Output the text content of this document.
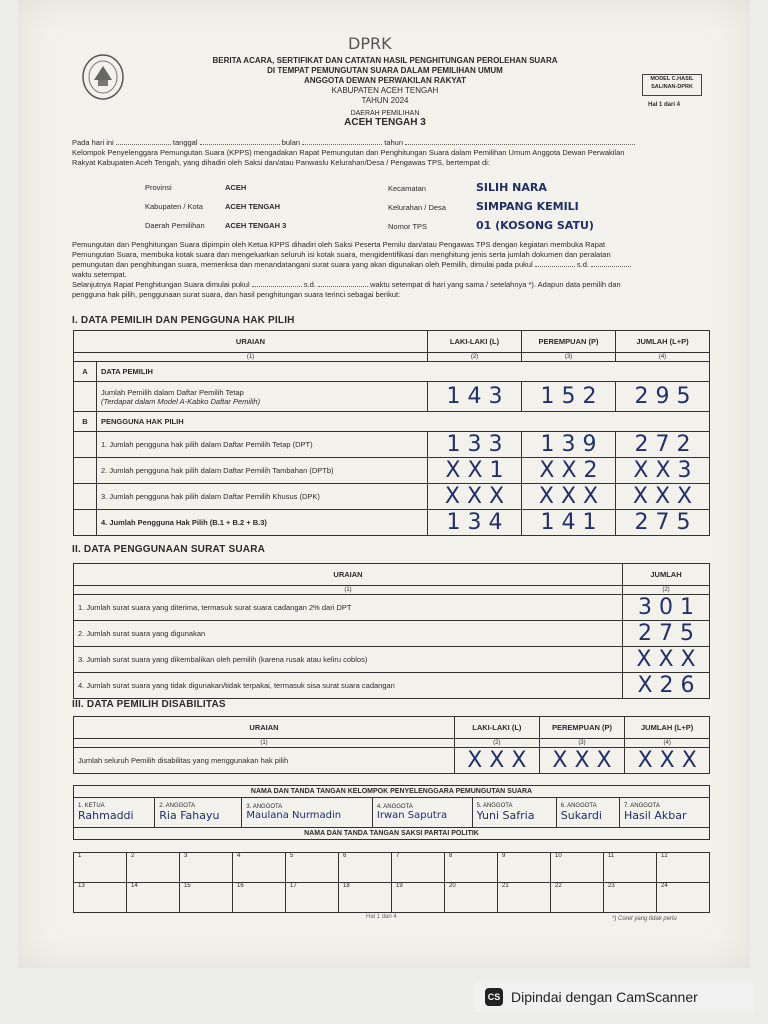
DPRK
BERITA ACARA, SERTIFIKAT DAN CATATAN HASIL PENGHITUNGAN PEROLEHAN SUARA
DI TEMPAT PEMUNGUTAN SUARA DALAM PEMILIHAN UMUM
ANGGOTA DEWAN PERWAKILAN RAKYAT
KABUPATEN ACEH TENGAH
TAHUN 2024
MODEL C.HASIL
SALINAN-DPRK
Hal 1 dari 4
DAERAH PEMILIHAN
ACEH TENGAH 3
Pada hari ini	tanggal	bulan	tahun
Kelompok Penyelenggara Pemungutan Suara (KPPS) mengadakan Rapat Pemungutan dan Penghitungan Suara dalam Pemilihan Umum Anggota Dewan Perwakilan
Rakyat Kabupaten Aceh Tengah, yang dihadiri oleh Saksi dan/atau Panwaslu Kelurahan/Desa / Pengawas TPS, bertempat di:
Provinsi	ACEH
Kabupaten / Kota	ACEH TENGAH
Daerah Pemilihan	ACEH TENGAH 3
Kecamatan	SILIH NARA
Kelurahan / Desa	SIMPANG KEMILI
Nomor TPS	01 (KOSONG SATU)
Pemungutan dan Penghitungan Suara dipimpin oleh Ketua KPPS dihadiri oleh Saksi Peserta Pemilu dan/atau Pengawas TPS dengan kegiatan membuka Rapat
Pemungutan Suara, membuka kotak suara dan mengeluarkan seluruh isi kotak suara, mengidentifikasi dan menghitung jenis serta jumlah dokumen dan peralatan
pemungutan dan penghitungan suara, memeriksa dan menandatangani surat suara yang akan digunakan oleh Pemilih, dimulai pada pukul	s.d.
waktu setempat.
Selanjutnya Rapat Penghitungan Suara dimulai pukul	s.d.	waktu setempat di hari yang sama / setelahnya *). Adapun data pemilih dan
pengguna hak pilih, penggunaan surat suara, dan hasil penghitungan suara terinci sebagai berikut:
I. DATA PEMILIH DAN PENGGUNA HAK PILIH
URAIAN		LAKI-LAKI (L)	PEREMPUAN (P)	JUMLAH (L+P)
(1)		(2)	(3)	(4)
A	DATA PEMILIH			

	Jumlah Pemilih dalam Daftar Pemilih Tetap
(Terdapat dalam Model A-Kabko Daftar Pemilih)	1 4 3	1 5 2	2 9 5
B	PENGGUNA HAK PILIH			
	1. Jumlah pengguna hak pilih dalam Daftar Pemilih Tetap (DPT)	1 3 3	1 3 9	2 7 2
	2. Jumlah pengguna hak pilih dalam Daftar Pemilih Tambahan (DPTb)	X X 1	X X 2	X X 3
	3. Jumlah pengguna hak pilih dalam Daftar Pemilih Khusus (DPK)	X X X	X X X	X X X
	4. Jumlah Pengguna Hak Pilih (B.1 + B.2 + B.3)	1 3 4	1 4 1	2 7 5
II. DATA PENGGUNAAN SURAT SUARA
URAIAN	JUMLAH
(1)	(2)
1. Jumlah surat suara yang diterima, termasuk surat suara cadangan 2% dari DPT	3 0 1
2. Jumlah surat suara yang digunakan	2 7 5
3. Jumlah surat suara yang dikembalikan oleh pemilih (karena rusak atau keliru coblos)	X X X
4. Jumlah surat suara yang tidak digunakan/tidak terpakai, termasuk sisa surat suara cadangan	X 2 6
III. DATA PEMILIH DISABILITAS
URAIAN	LAKI-LAKI (L)	PEREMPUAN (P)	JUMLAH (L+P)
(1)	(2)	(3)	(4)
Jumlah seluruh Pemilih disabilitas yang menggunakan hak pilih	X X X	X X X	X X X
NAMA DAN TANDA TANGAN KELOMPOK PENYELENGGARA PEMUNGUTAN SUARA

1. KETUA
Rahmaddi

2. ANGGOTA
Ria Fahayu

3. ANGGOTA
Maulana Nurmadin

4. ANGGOTA
Irwan Saputra

5. ANGGOTA
Yuni Safria

6. ANGGOTA
Sukardi

7. ANGGOTA
Hasil Akbar

NAMA DAN TANDA TANGAN SAKSI PARTAI POLITIK
1	2	3	4	5	6	7	8	9	10	11	12
13	14	15	16	17	18	19	20	21	22	23	24
Hal 1 dari 4	*) Coret yang tidak perlu
CS Dipindai dengan CamScanner
